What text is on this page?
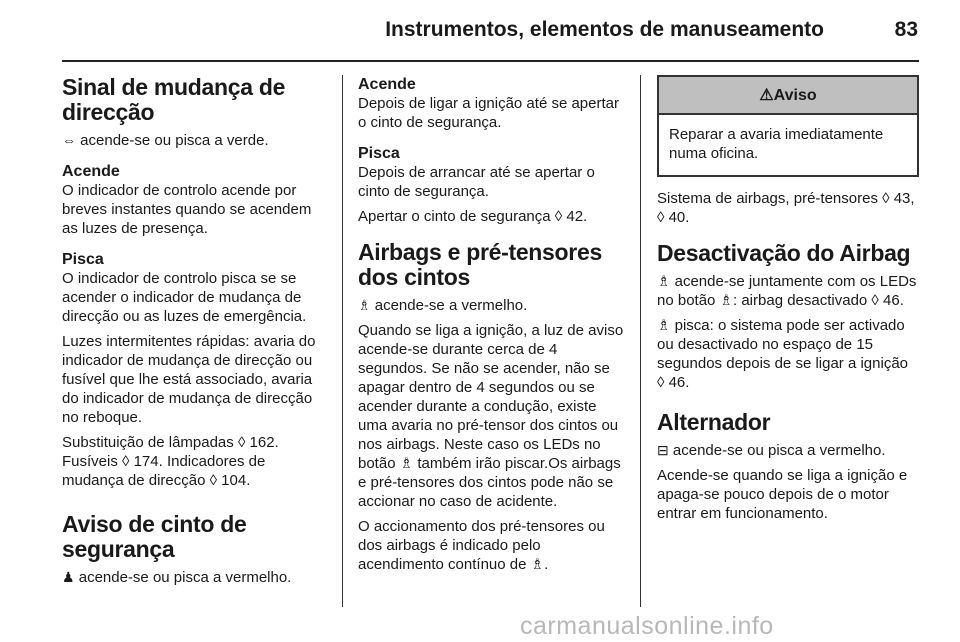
Instrumentos, elementos de manuseamento	83
Sinal de mudança de direcção

⇔ acende-se ou pisca a verde.

Acende

O indicador de controlo acende por breves instantes quando se acendem as luzes de presença.

Pisca

O indicador de controlo pisca se se acender o indicador de mudança de direcção ou as luzes de emergência.

Luzes intermitentes rápidas: avaria do indicador de mudança de direcção ou fusível que lhe está associado, avaria do indicador de mudança de direcção no reboque.

Substituição de lâmpadas ◊ 162. Fusíveis ◊ 174. Indicadores de mudança de direcção ◊ 104.

Aviso de cinto de segurança

♟ acende-se ou pisca a vermelho.

Acende

Depois de ligar a ignição até se apertar o cinto de segurança.

Pisca

Depois de arrancar até se apertar o cinto de segurança.

Apertar o cinto de segurança ◊ 42.

Airbags e pré-tensores dos cintos

♗ acende-se a vermelho.

Quando se liga a ignição, a luz de aviso acende-se durante cerca de 4 segundos. Se não se acender, não se apagar dentro de 4 segundos ou se acender durante a condução, existe uma avaria no pré-tensor dos cintos ou nos airbags. Neste caso os LEDs no botão ♗ também irão piscar.Os airbags e pré-tensores dos cintos pode não se accionar no caso de acidente.

O accionamento dos pré-tensores ou dos airbags é indicado pelo acendimento contínuo de ♗.

⚠Aviso
Reparar a avaria imediatamente numa oficina.

Sistema de airbags, pré-tensores ◊ 43, ◊ 40.

Desactivação do Airbag

♗ acende-se juntamente com os LEDs no botão ♗: airbag desactivado ◊ 46.

♗ pisca: o sistema pode ser activado ou desactivado no espaço de 15 segundos depois de se ligar a ignição ◊ 46.

Alternador

⊟ acende-se ou pisca a vermelho.

Acende-se quando se liga a ignição e apaga-se pouco depois de o motor entrar em funcionamento.

carmanualsonline.info
